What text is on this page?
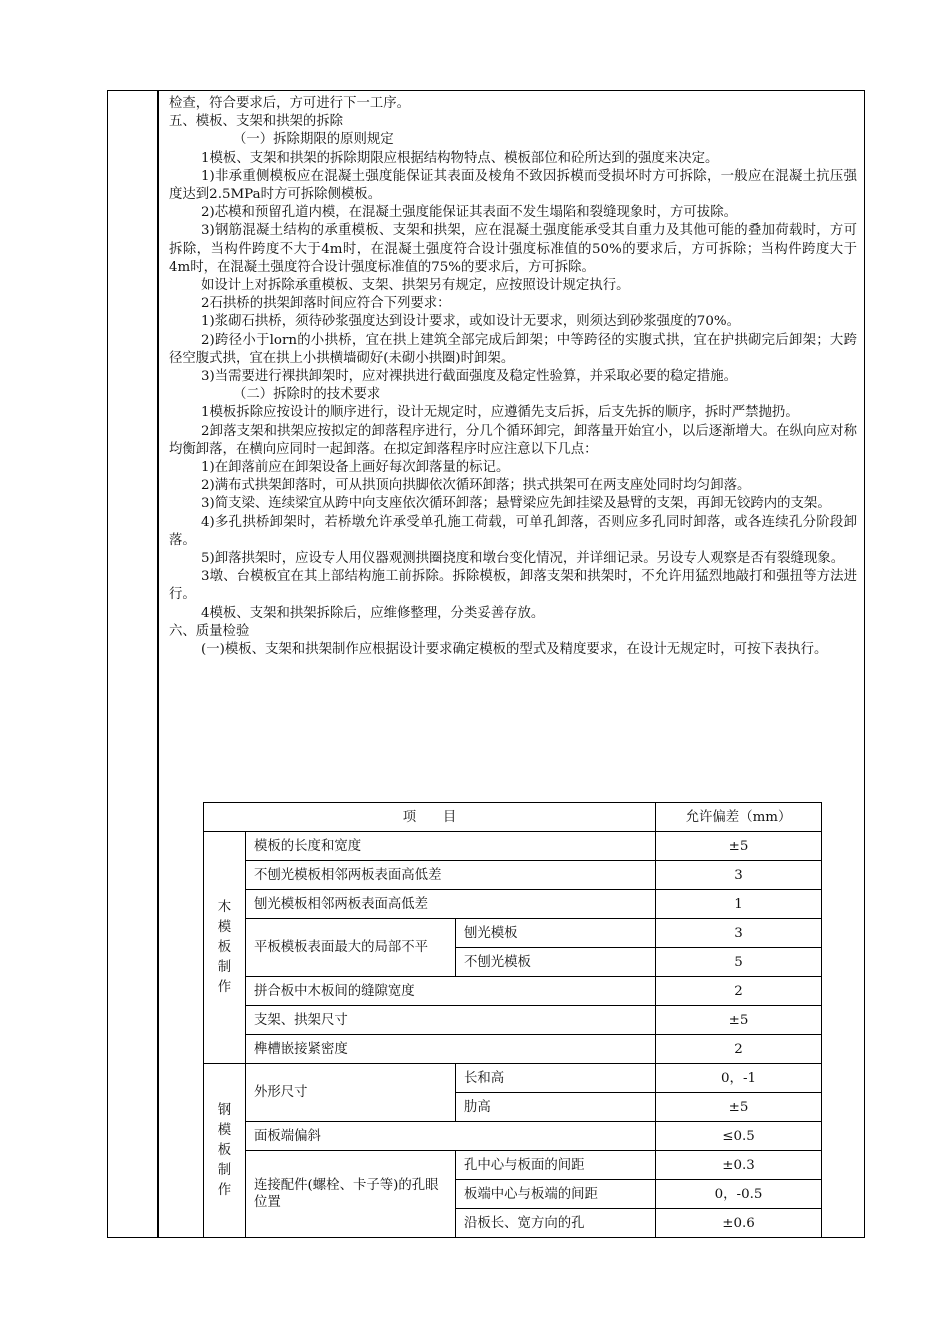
检查，符合要求后，方可进行下一工序。

五、模板、支架和拱架的拆除

（一）拆除期限的原则规定

1模板、支架和拱架的拆除期限应根据结构物特点、模板部位和砼所达到的强度来决定。

1)非承重侧模板应在混凝土强度能保证其表面及棱角不致因拆模而受损坏时方可拆除，一般应在混凝土抗压强度达到2.5MPa时方可拆除侧模板。

2)芯模和预留孔道内模，在混凝土强度能保证其表面不发生塌陷和裂缝现象时，方可拔除。

3)钢筋混凝土结构的承重模板、支架和拱架，应在混凝土强度能承受其自重力及其他可能的叠加荷载时，方可拆除，当构件跨度不大于4m时，在混凝土强度符合设计强度标准值的50%的要求后，方可拆除；当构件跨度大于4m时，在混凝土强度符合设计强度标准值的75%的要求后，方可拆除。

如设计上对拆除承重模板、支架、拱架另有规定，应按照设计规定执行。

2石拱桥的拱架卸落时间应符合下列要求：

1)浆砌石拱桥，须待砂浆强度达到设计要求，或如设计无要求，则须达到砂浆强度的70%。

2)跨径小于lorn的小拱桥，宜在拱上建筑全部完成后卸架；中等跨径的实腹式拱，宜在护拱砌完后卸架；大跨径空腹式拱，宜在拱上小拱横墙砌好(未砌小拱圈)时卸架。

3)当需要进行裸拱卸架时，应对裸拱进行截面强度及稳定性验算，并采取必要的稳定措施。

（二）拆除时的技术要求

1模板拆除应按设计的顺序进行，设计无规定时，应遵循先支后拆，后支先拆的顺序，拆时严禁抛扔。

2卸落支架和拱架应按拟定的卸落程序进行，分几个循环卸完，卸落量开始宜小，以后逐渐增大。在纵向应对称均衡卸落，在横向应同时一起卸落。在拟定卸落程序时应注意以下几点：

1)在卸落前应在卸架设备上画好每次卸落量的标记。

2)满布式拱架卸落时，可从拱顶向拱脚依次循环卸落；拱式拱架可在两支座处同时均匀卸落。

3)简支梁、连续梁宜从跨中向支座依次循环卸落；悬臂梁应先卸挂梁及悬臂的支架，再卸无铰跨内的支架。

4)多孔拱桥卸架时，若桥墩允许承受单孔施工荷载，可单孔卸落，否则应多孔同时卸落，或各连续孔分阶段卸落。

5)卸落拱架时，应设专人用仪器观测拱圈挠度和墩台变化情况，并详细记录。另设专人观察是否有裂缝现象。

3墩、台模板宜在其上部结构施工前拆除。拆除模板，卸落支架和拱架时，不允许用猛烈地敲打和强扭等方法进行。

4模板、支架和拱架拆除后，应维修整理，分类妥善存放。

六、质量检验

(一)模板、支架和拱架制作应根据设计要求确定模板的型式及精度要求，在设计无规定时，可按下表执行。

项　　目			允许偏差（mm）
木
模
板
制
作	模板的长度和宽度		±5
	不刨光模板相邻两板表面高低差		3
	刨光模板相邻两板表面高低差		1
	平板模板表面最大的局部不平	刨光模板	3
		不刨光模板	5
	拼合板中木板间的缝隙宽度		2
	支架、拱架尺寸		±5
	榫槽嵌接紧密度		2
钢
模
板
制
作	外形尺寸	长和高	0，-1
		肋高	±5
	面板端偏斜		≤0.5
	连接配件(螺栓、卡子等)的孔眼位置	孔中心与板面的间距	±0.3
		板端中心与板端的间距	0，-0.5
		沿板长、宽方向的孔	±0.6
